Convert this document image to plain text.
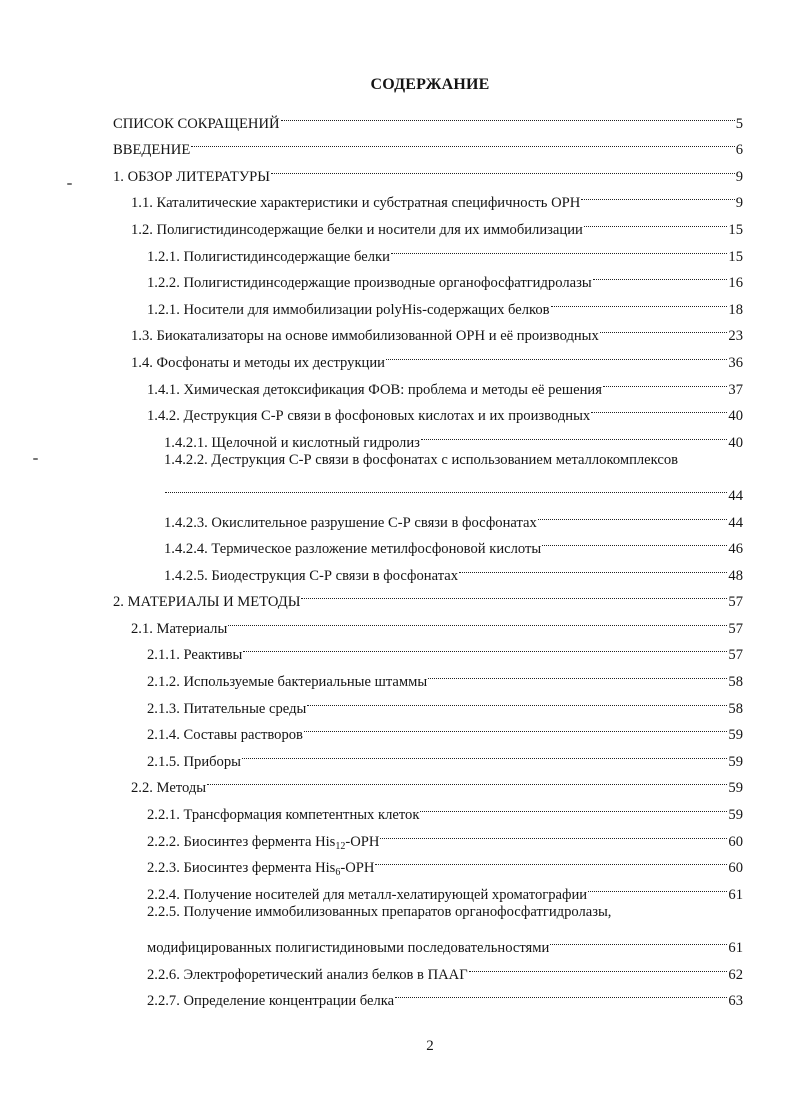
СОДЕРЖАНИЕ
СПИСОК СОКРАЩЕНИЙ	5
ВВЕДЕНИЕ	6
1. ОБЗОР ЛИТЕРАТУРЫ	9
1.1. Каталитические характеристики и субстратная специфичность OPH	9
1.2. Полигистидинсодержащие белки и носители для их иммобилизации	15
1.2.1. Полигистидинсодержащие белки	15
1.2.2. Полигистидинсодержащие производные органофосфатгидролазы	16
1.2.1. Носители для иммобилизации polyHis-содержащих белков	18
1.3. Биокатализаторы на основе иммобилизованной OPH и её производных	23
1.4. Фосфонаты и методы их деструкции	36
1.4.1. Химическая детоксификация ФОВ: проблема и методы её решения	37
1.4.2. Деструкция С-Р связи в фосфоновых кислотах и их производных	40
1.4.2.1. Щелочной и кислотный гидролиз	40
1.4.2.2. Деструкция С-Р связи в фосфонатах с использованием металлокомплексов
44
1.4.2.3. Окислительное разрушение С-Р связи в фосфонатах	44
1.4.2.4. Термическое разложение метилфосфоновой кислоты	46
1.4.2.5. Биодеструкция С-Р связи в фосфонатах	48
2. МАТЕРИАЛЫ И МЕТОДЫ	57
2.1. Материалы	57
2.1.1. Реактивы	57
2.1.2. Используемые бактериальные штаммы	58
2.1.3. Питательные среды	58
2.1.4. Составы растворов	59
2.1.5. Приборы	59
2.2. Методы	59
2.2.1. Трансформация компетентных клеток	59
2.2.2. Биосинтез фермента His$_{12}$-OPH	60
2.2.3. Биосинтез фермента His$_6$-OPH	60
2.2.4. Получение носителей для металл-хелатирующей хроматографии	61
2.2.5. Получение иммобилизованных препаратов органофосфатгидролазы,
модифицированных полигистидиновыми последовательностями	61
2.2.6. Электрофоретический анализ белков в ПААГ	62
2.2.7. Определение концентрации белка	63
2
